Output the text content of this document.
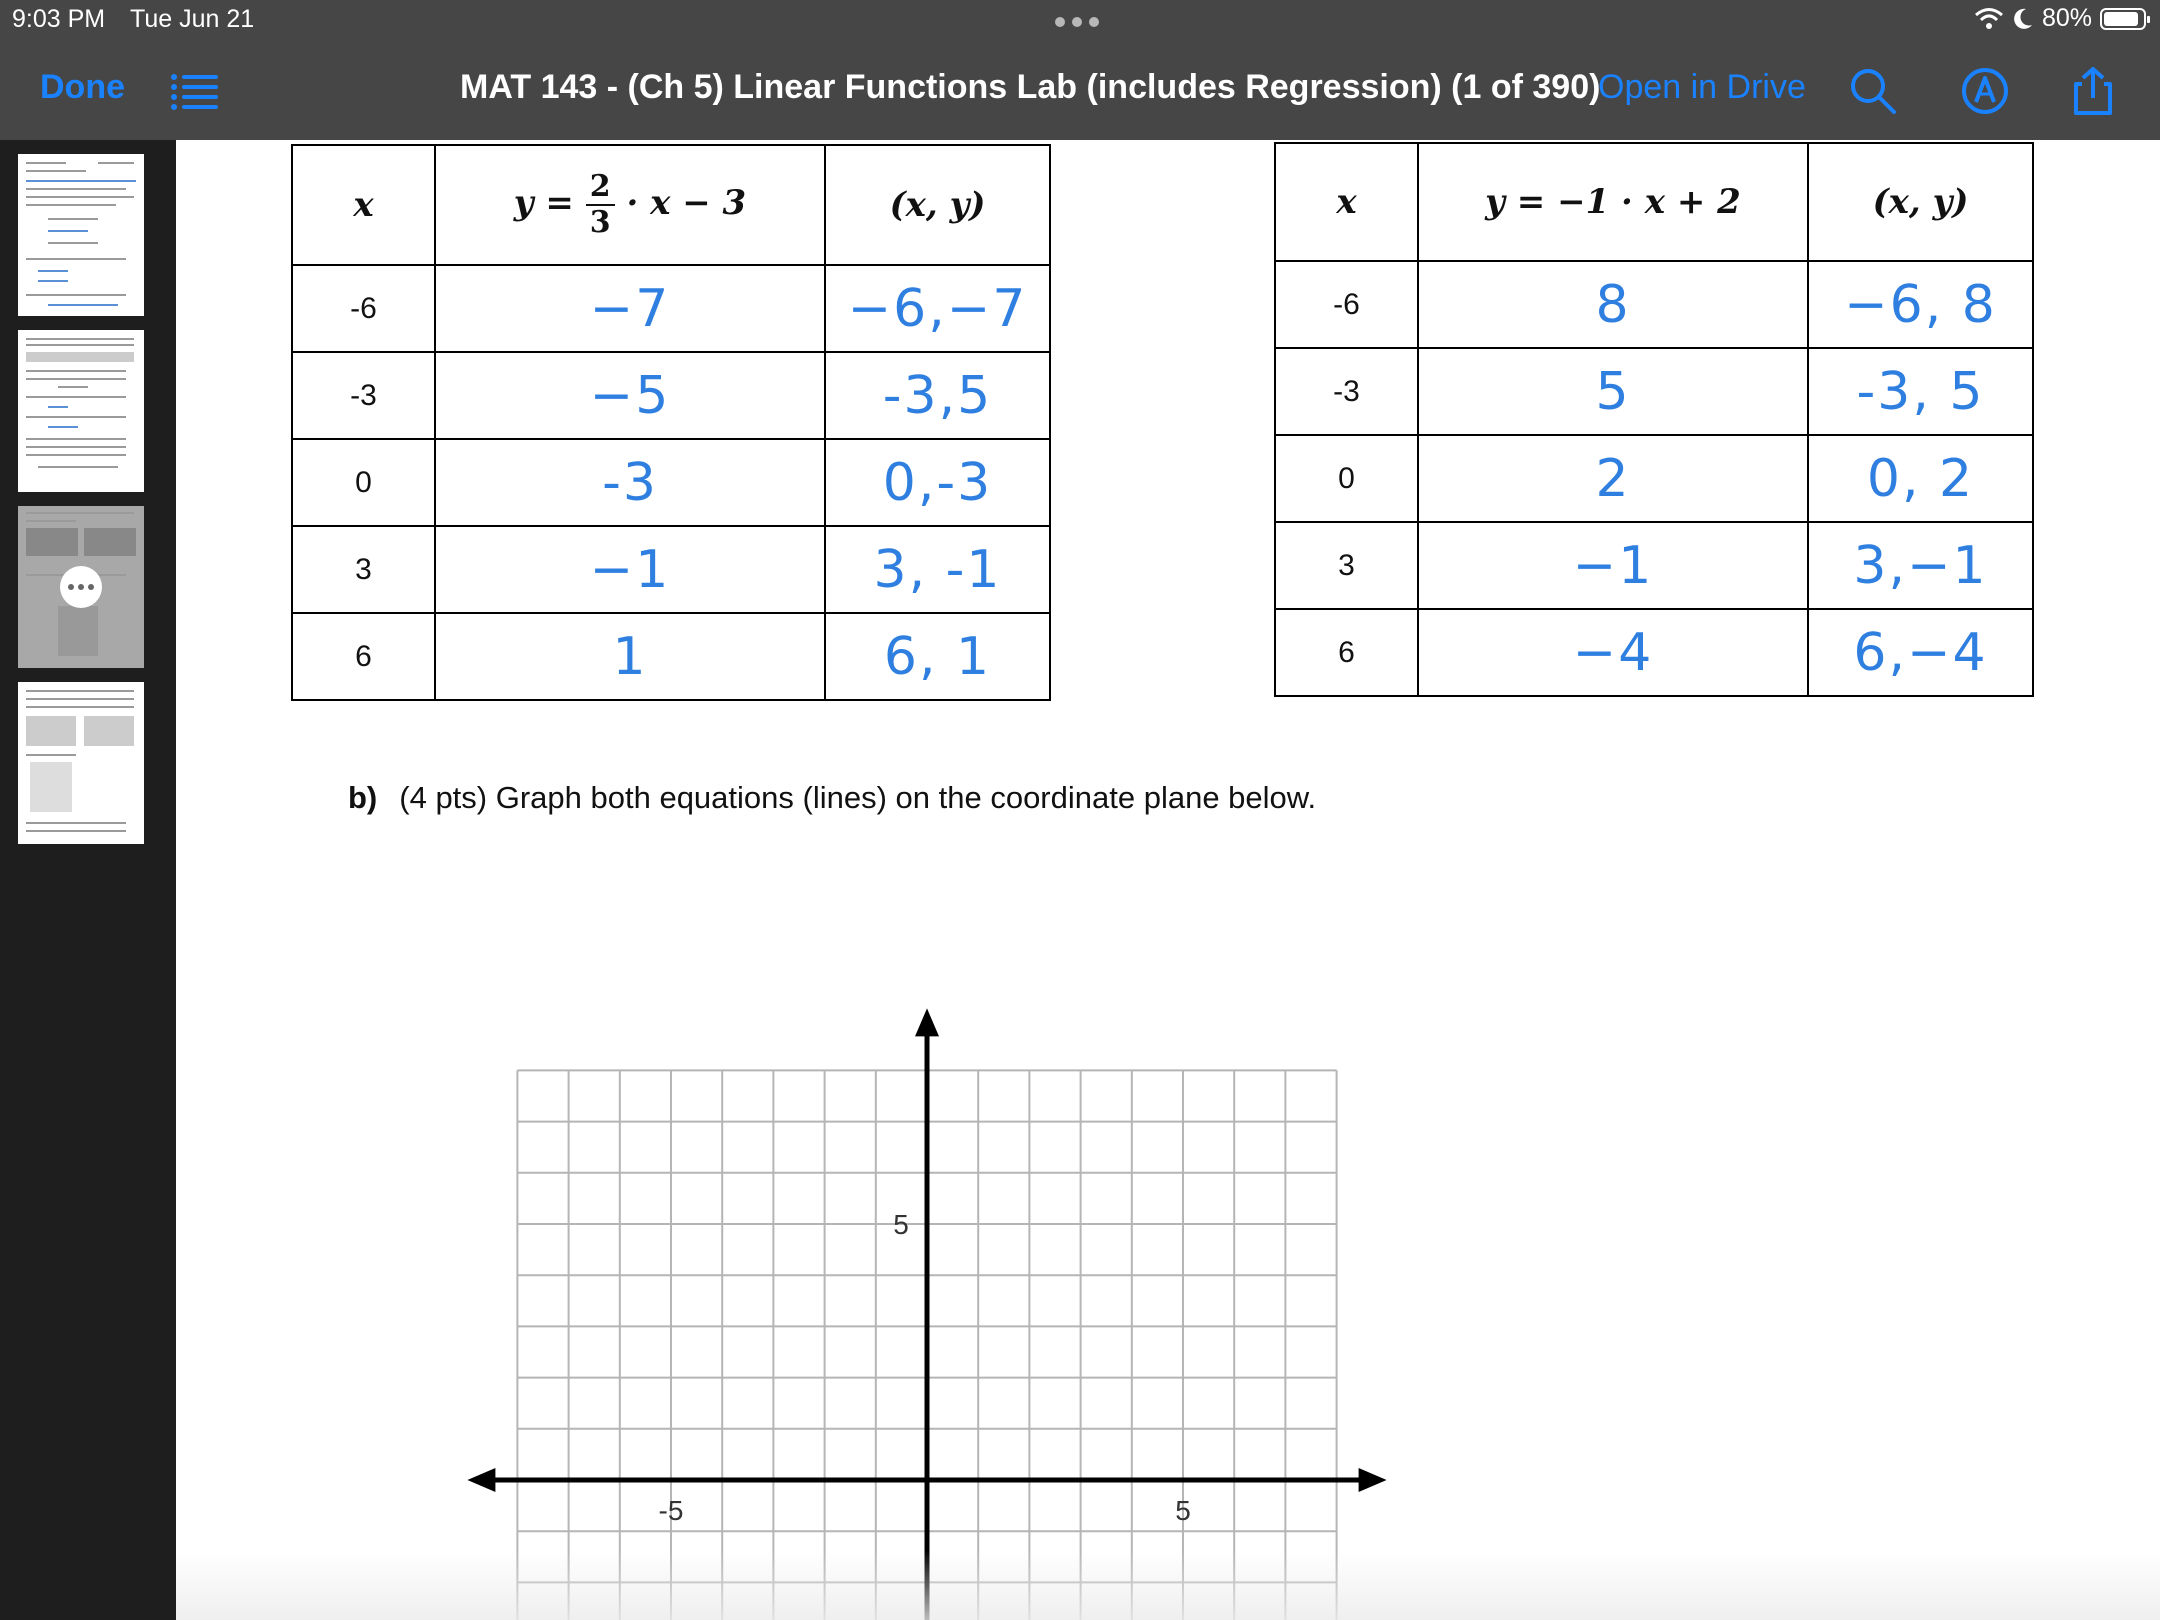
9:03 PM Tue Jun 21	80%
Done	MAT 143 - (Ch 5) Linear Functions Lab (includes Regression) (1 of 390)
Open in Drive
x	$y = \frac{2}{3} \cdot x - 3$	(x, y)
-6	−7	−6,−7
-3	−5	-3,5
0	-3	0,-3
3	−1	3, -1
6	1	6, 1
x	y = −1 · x + 2	(x, y)
-6	8	−6, 8
-3	5	-3, 5
0	2	0, 2
3	−1	3,−1
6	−4	6,−4
b) (4 pts) Graph both equations (lines) on the coordinate plane below.
-5	5
5
